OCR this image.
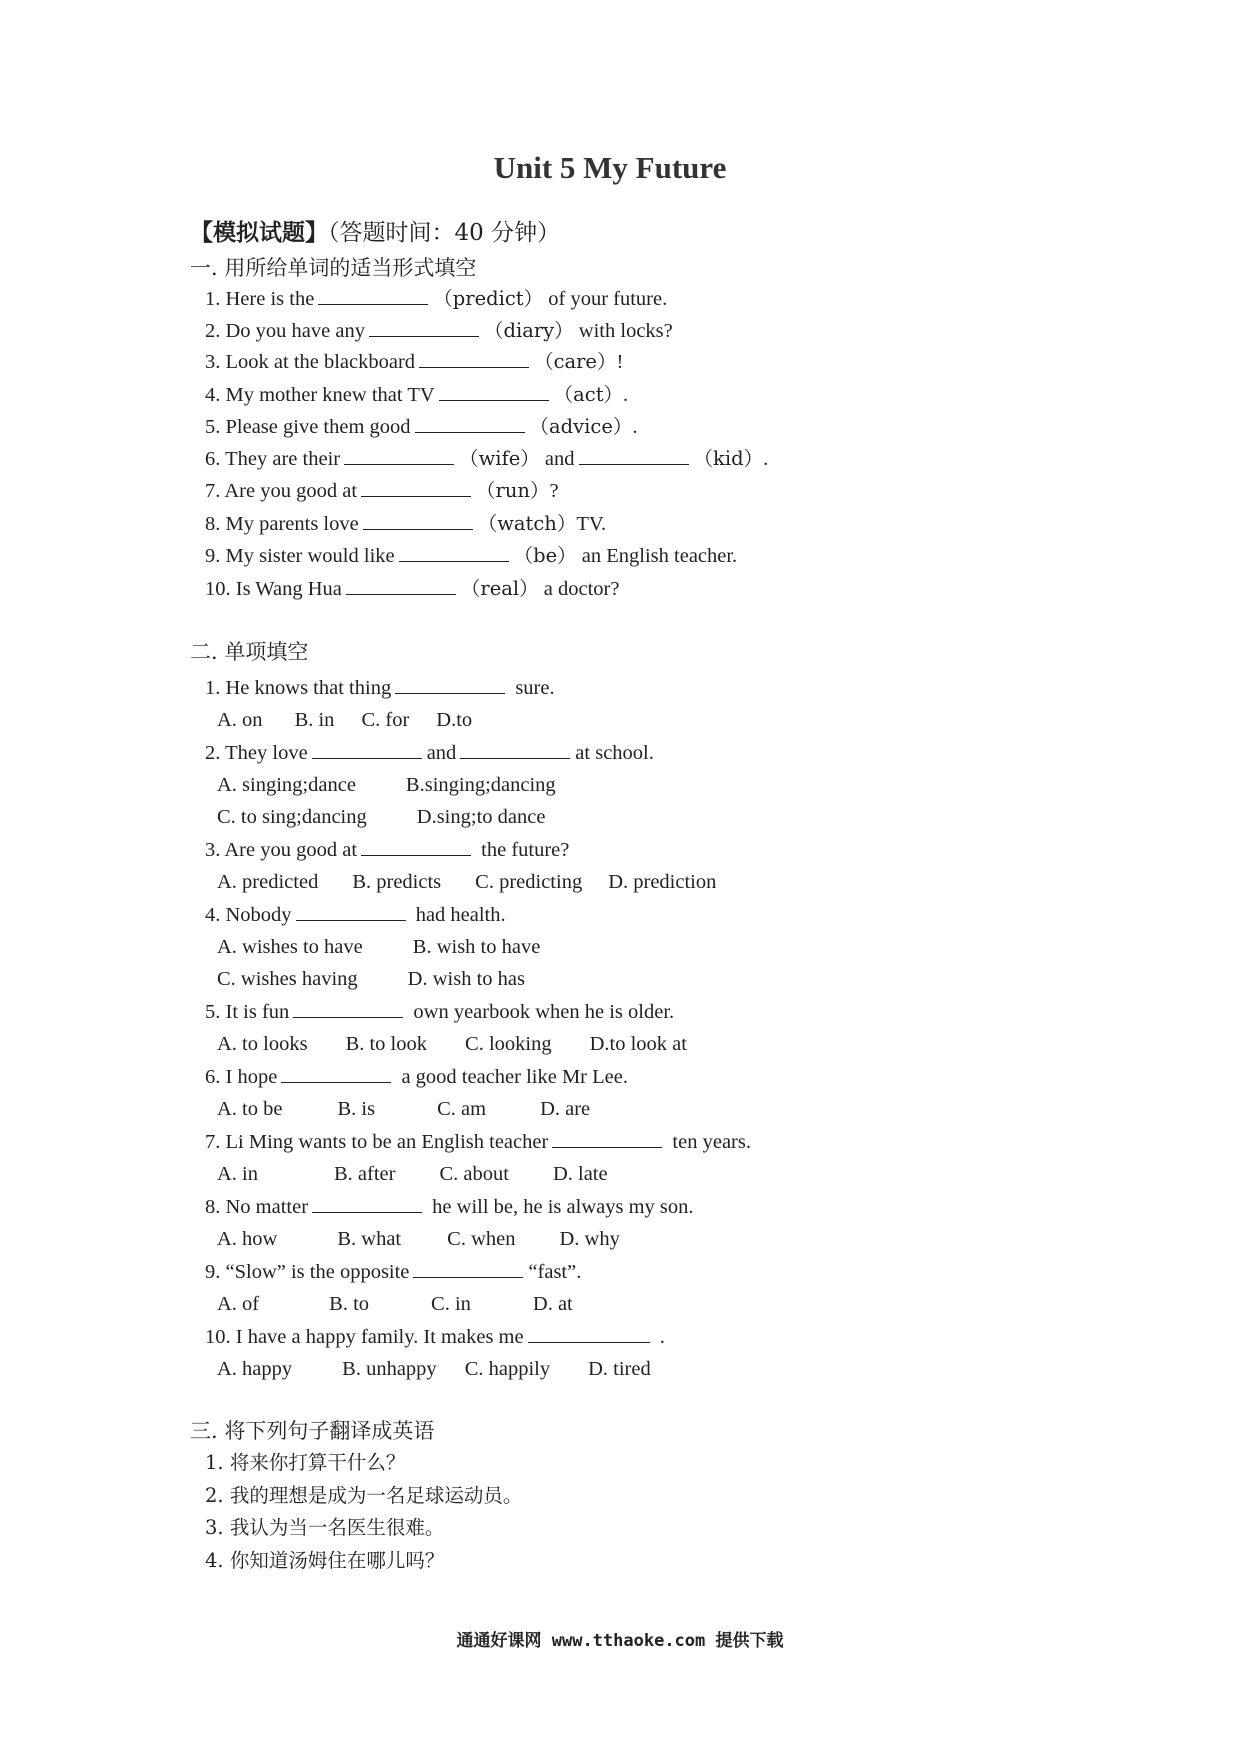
Unit 5 My Future
【模拟试题】（答题时间：40 分钟）
一. 用所给单词的适当形式填空
1. Here is the	（predict） of your future.
2. Do you have any	（diary） with locks?
3. Look at the blackboard	（care）!
4. My mother knew that TV	（act）.
5. Please give them good	（advice）.
6. They are their	（wife） and	（kid）.
7. Are you good at	（run）?
8. My parents love	（watch）TV.
9. My sister would like	（be） an English teacher.
10. Is Wang Hua	（real） a doctor?
二. 单项填空
1. He knows that thing	sure.
A. on B. in C. for D.to
2. They love	and	at school.
A. singing;dance B.singing;dancing
C. to sing;dancing D.sing;to dance
3. Are you good at	the future?
A. predicted B. predicts C. predicting D. prediction
4. Nobody	had health.
A. wishes to have B. wish to have
C. wishes having D. wish to has
5. It is fun	own yearbook when he is older.
A. to looks B. to look C. looking D.to look at
6. I hope	a good teacher like Mr Lee.
A. to be	B. is	C. am	D. are
7. Li Ming wants to be an English teacher	ten years.
A. in	B. after C. about D. late
8. No matter	he will be, he is always my son.
A. how	B. what C. when D. why
9. “Slow” is the opposite	“fast”.
A. of	B. to	C. in	D. at
10. I have a happy family. It makes me	.
A. happy B. unhappy C. happily D. tired
三. 将下列句子翻译成英语
1. 将来你打算干什么？
2. 我的理想是成为一名足球运动员。
3. 我认为当一名医生很难。
4. 你知道汤姆住在哪儿吗？
通通好课网 www.tthaoke.com 提供下载
